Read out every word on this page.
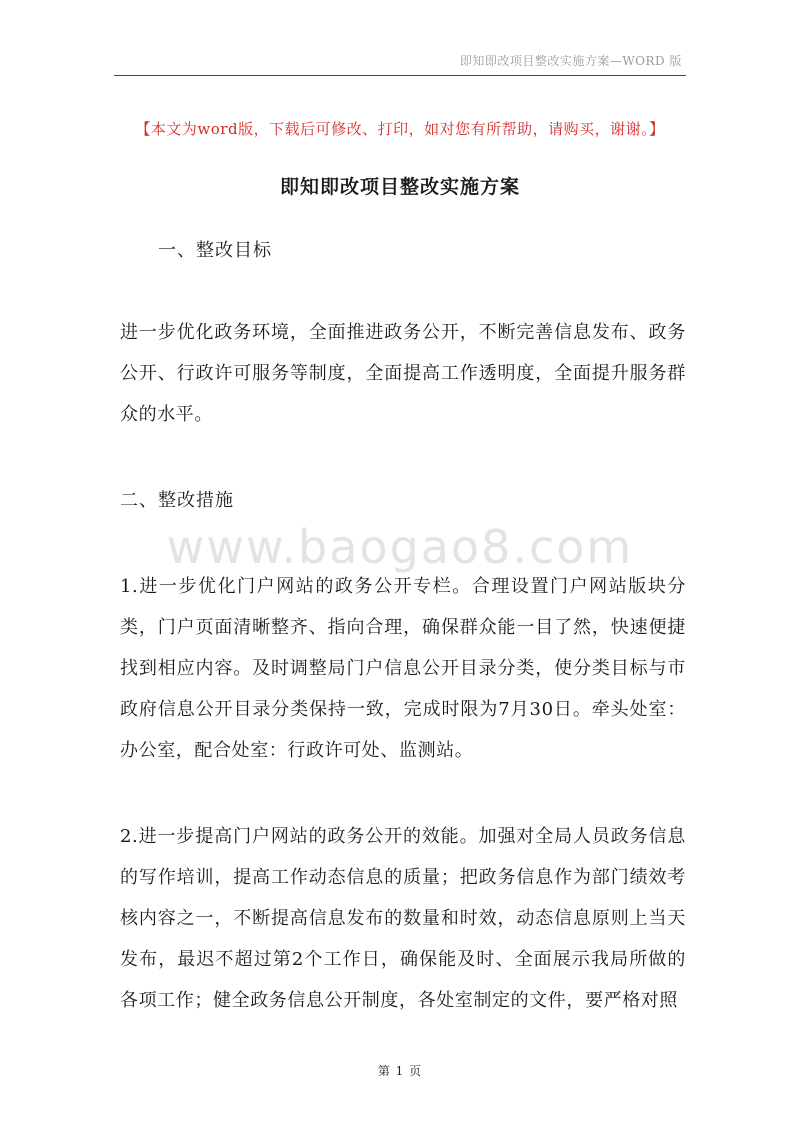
即知即改项目整改实施方案—WORD 版
【本文为word版，下载后可修改、打印，如对您有所帮助，请购买，谢谢。】
即知即改项目整改实施方案
一、整改目标
进一步优化政务环境，全面推进政务公开，不断完善信息发布、政务公开、行政许可服务等制度，全面提高工作透明度，全面提升服务群众的水平。
二、整改措施
www.baogao8.com
1.进一步优化门户网站的政务公开专栏。合理设置门户网站版块分类，门户页面清晰整齐、指向合理，确保群众能一目了然，快速便捷找到相应内容。及时调整局门户信息公开目录分类，使分类目标与市政府信息公开目录分类保持一致，完成时限为7月30日。牵头处室：办公室，配合处室：行政许可处、监测站。
2.进一步提高门户网站的政务公开的效能。加强对全局人员政务信息的写作培训，提高工作动态信息的质量；把政务信息作为部门绩效考核内容之一，不断提高信息发布的数量和时效，动态信息原则上当天发布，最迟不超过第2个工作日，确保能及时、全面展示我局所做的各项工作；健全政务信息公开制度，各处室制定的文件，要严格对照
第 1 页
